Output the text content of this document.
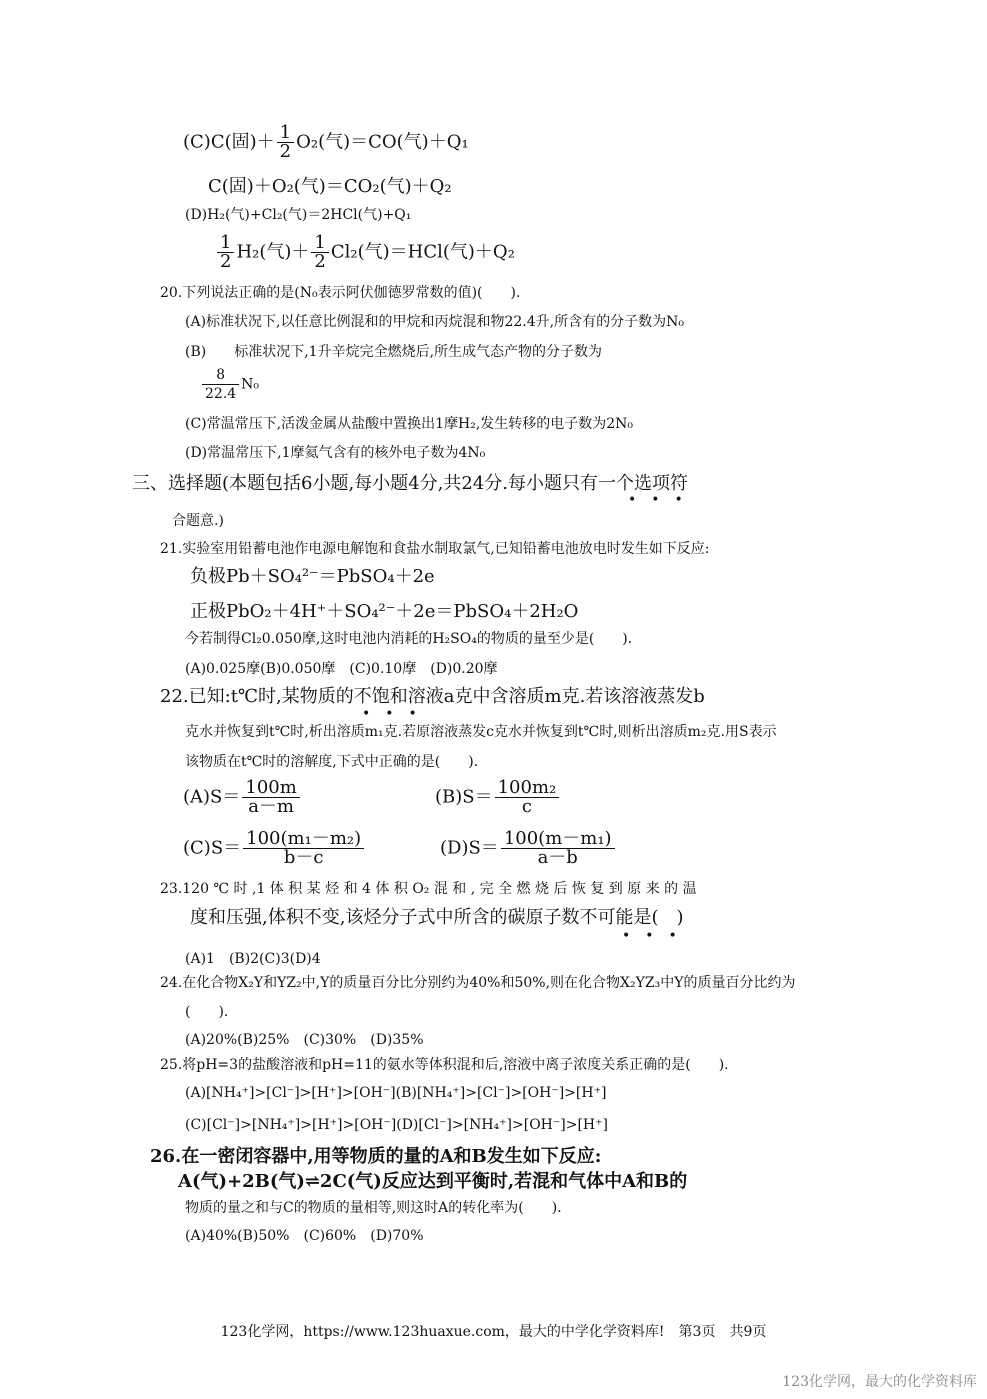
(C)C(固)＋ $\frac{1}{2} O_2$(气)＝CO(气)＋Q₁
C(固)＋O₂(气)＝CO₂(气)＋Q₂
(D)H₂(气)+Cl₂(气)＝2HCl(气)+Q₁
$\frac{1}{2} H_2$(气)＋ $\frac{1}{2} Cl_2$(气)＝HCl(气)＋Q₂
20.下列说法正确的是(N₀表示阿伏伽德罗常数的值)(　　).
(A)标准状况下,以任意比例混和的甲烷和丙烷混和物22.4升,所含有的分子数为N₀
(B)　　标准状况下,1升辛烷完全燃烧后,所生成气态产物的分子数为
$\frac{8}{22.4} N_0$
(C)常温常压下,活泼金属从盐酸中置换出1摩H₂,发生转移的电子数为2N₀
(D)常温常压下,1摩氦气含有的核外电子数为4N₀
三、选择题(本题包括6小题,每小题4分,共24分.每小题只有一个选项符
•••
合题意.)
21.实验室用铅蓄电池作电源电解饱和食盐水制取氯气,已知铅蓄电池放电时发生如下反应:
负极Pb＋SO₄²⁻＝PbSO₄＋2e
正极PbO₂＋4H⁺＋SO₄²⁻＋2e＝PbSO₄＋2H₂O
今若制得Cl₂0.050摩,这时电池内消耗的H₂SO₄的物质的量至少是(　　).
(A)0.025摩(B)0.050摩　(C)0.10摩　(D)0.20摩
22.已知:t℃时,某物质的不饱和溶液a克中含溶质m克.若该溶液蒸发b
•••
克水并恢复到t℃时,析出溶质m₁克.若原溶液蒸发c克水并恢复到t℃时,则析出溶质m₂克.用S表示
该物质在t℃时的溶解度,下式中正确的是(　　).
$(A)S= \frac{100m}{a-m}$	$(B)S= \frac{\text{100m₂}}{c}$
$(C)S= \frac{\text{100(m₁－m₂)}}{b-c}$	$(D)S= \frac{\text{100(m－m₁)}}{a-b}$
23.120 ℃ 时 ,1 体 积 某 烃 和 4 体 积 O₂ 混 和 , 完 全 燃 烧 后 恢 复 到 原 来 的 温
度和压强,体积不变,该烃分子式中所含的碳原子数不可能是(　)
•••
(A)1　(B)2(C)3(D)4
24.在化合物X₂Y和YZ₂中,Y的质量百分比分别约为40%和50%,则在化合物X₂YZ₃中Y的质量百分比约为
(　　).
(A)20%(B)25%　(C)30%　(D)35%
25.将pH=3的盐酸溶液和pH=11的氨水等体积混和后,溶液中离子浓度关系正确的是(　　).
(A)[NH₄⁺]>[Cl⁻]>[H⁺]>[OH⁻](B)[NH₄⁺]>[Cl⁻]>[OH⁻]>[H⁺]
(C)[Cl⁻]>[NH₄⁺]>[H⁺]>[OH⁻](D)[Cl⁻]>[NH₄⁺]>[OH⁻]>[H⁺]
26.在一密闭容器中,用等物质的量的A和B发生如下反应:
A(气)+2B(气)⇌2C(气)反应达到平衡时,若混和气体中A和B的
物质的量之和与C的物质的量相等,则这时A的转化率为(　　).
(A)40%(B)50%　(C)60%　(D)70%
123化学网，https://www.123huaxue.com，最大的中学化学资料库!　第3页　共9页
123化学网，最大的化学资料库
